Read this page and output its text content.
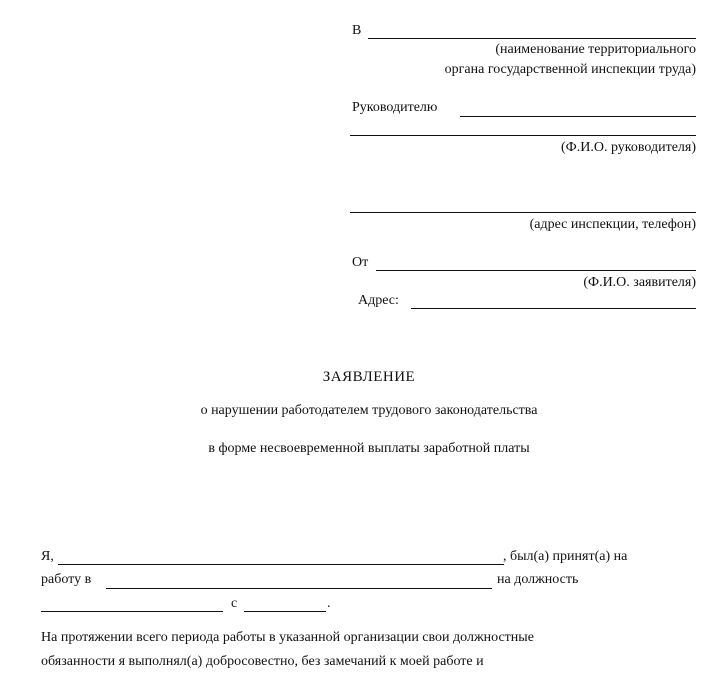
В
(наименование территориального
органа государственной инспекции труда)
Руководителю
(Ф.И.О. руководителя)
(адрес инспекции, телефон)
От
(Ф.И.О. заявителя)
Адрес:
ЗАЯВЛЕНИЕ
о нарушении работодателем трудового законодательства
в форме несвоевременной выплаты заработной платы
Я,	, был(а) принят(а) на
работу в	на должность
с	.
На протяжении всего периода работы в указанной организации свои должностные
обязанности я выполнял(а) добросовестно, без замечаний к моей работе и
